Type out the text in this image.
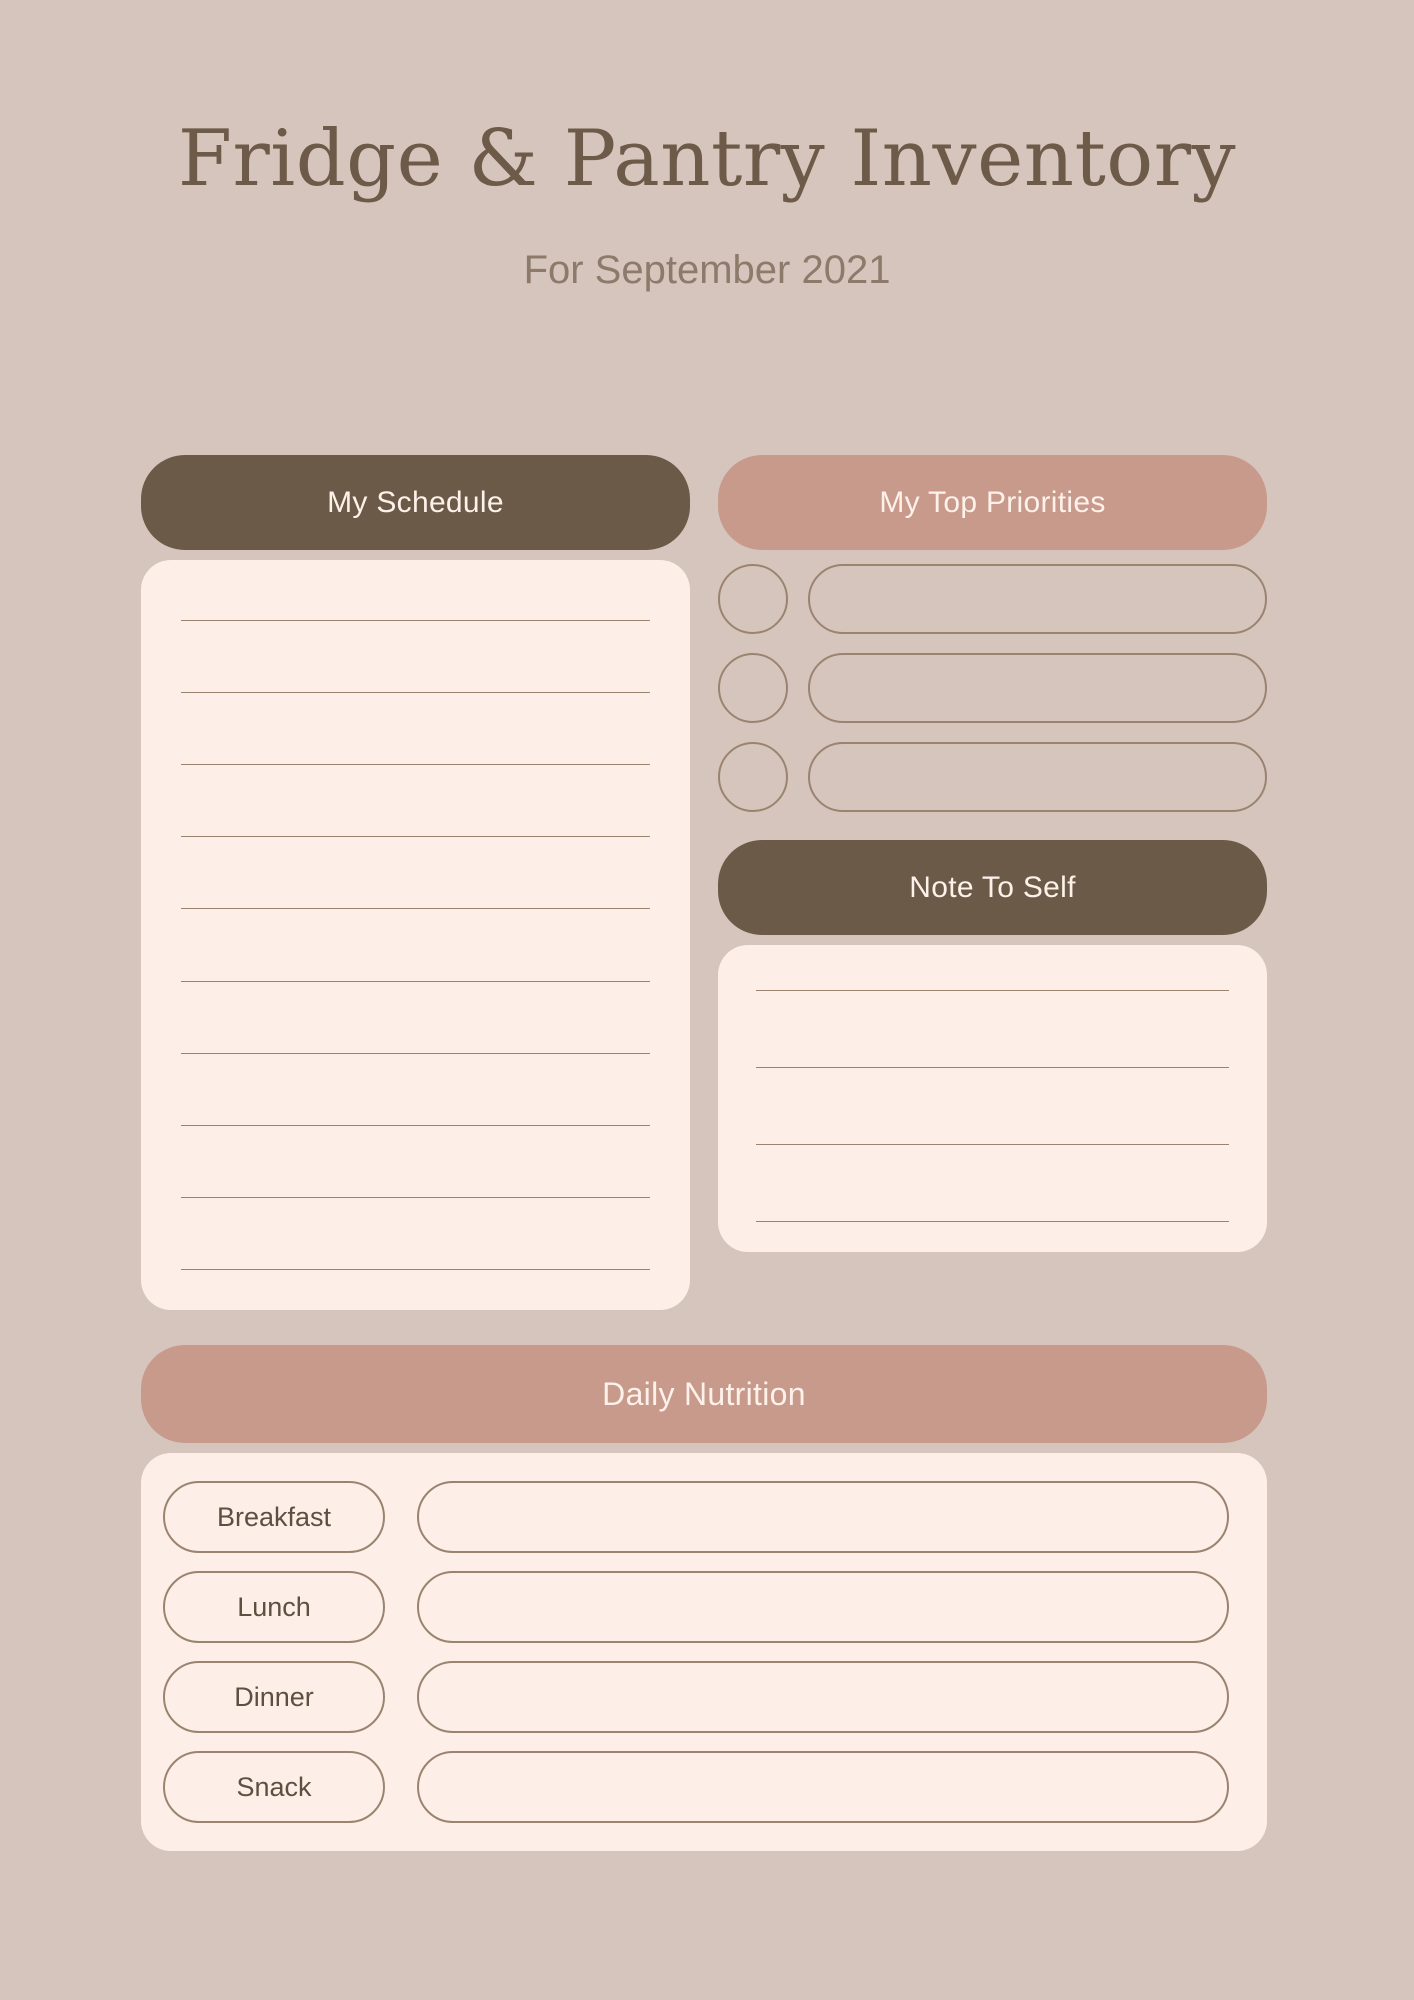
Fridge & Pantry Inventory

For September 2021

My Schedule	My Top Priorities
Note To Self
Daily Nutrition
Breakfast
Lunch
Dinner
Snack
